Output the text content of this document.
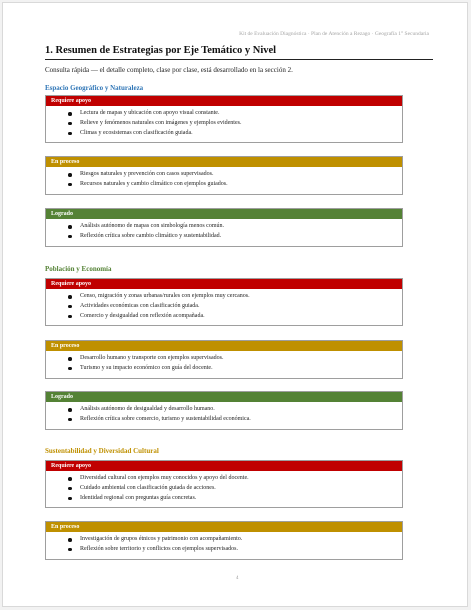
Kit de Evaluación Diagnóstica · Plan de Atención a Rezago · Geografía 1° Secundaria
1. Resumen de Estrategias por Eje Temático y Nivel
Consulta rápida — el detalle completo, clase por clase, está desarrollado en la sección 2.
Espacio Geográfico y Naturaleza
Requiere apoyo
Lectura de mapas y ubicación con apoyo visual constante.
Relieve y fenómenos naturales con imágenes y ejemplos evidentes.
Climas y ecosistemas con clasificación guiada.
En proceso
Riesgos naturales y prevención con casos supervisados.
Recursos naturales y cambio climático con ejemplos guiados.
Logrado
Análisis autónomo de mapas con simbología menos común.
Reflexión crítica sobre cambio climático y sustentabilidad.
Población y Economía
Requiere apoyo
Censo, migración y zonas urbanas/rurales con ejemplos muy cercanos.
Actividades económicas con clasificación guiada.
Comercio y desigualdad con reflexión acompañada.
En proceso
Desarrollo humano y transporte con ejemplos supervisados.
Turismo y su impacto económico con guía del docente.
Logrado
Análisis autónomo de desigualdad y desarrollo humano.
Reflexión crítica sobre comercio, turismo y sustentabilidad económica.
Sustentabilidad y Diversidad Cultural
Requiere apoyo
Diversidad cultural con ejemplos muy conocidos y apoyo del docente.
Cuidado ambiental con clasificación guiada de acciones.
Identidad regional con preguntas guía concretas.
En proceso
Investigación de grupos étnicos y patrimonio con acompañamiento.
Reflexión sobre territorio y conflictos con ejemplos supervisados.
4
